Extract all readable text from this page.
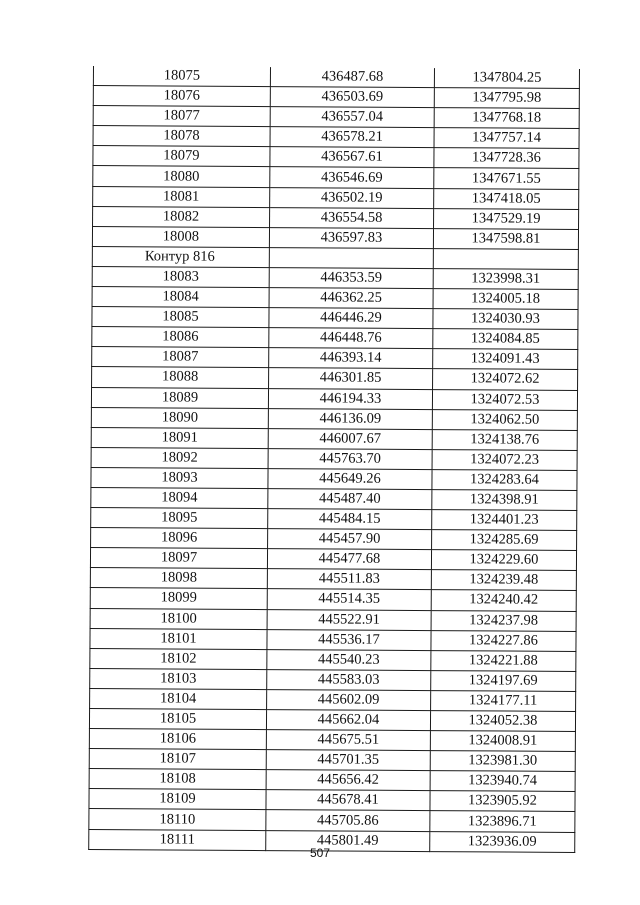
18075	436487.68	1347804.25
18076	436503.69	1347795.98
18077	436557.04	1347768.18
18078	436578.21	1347757.14
18079	436567.61	1347728.36
18080	436546.69	1347671.55
18081	436502.19	1347418.05
18082	436554.58	1347529.19
18008	436597.83	1347598.81
Контур 816		
18083	446353.59	1323998.31
18084	446362.25	1324005.18
18085	446446.29	1324030.93
18086	446448.76	1324084.85
18087	446393.14	1324091.43
18088	446301.85	1324072.62
18089	446194.33	1324072.53
18090	446136.09	1324062.50
18091	446007.67	1324138.76
18092	445763.70	1324072.23
18093	445649.26	1324283.64
18094	445487.40	1324398.91
18095	445484.15	1324401.23
18096	445457.90	1324285.69
18097	445477.68	1324229.60
18098	445511.83	1324239.48
18099	445514.35	1324240.42
18100	445522.91	1324237.98
18101	445536.17	1324227.86
18102	445540.23	1324221.88
18103	445583.03	1324197.69
18104	445602.09	1324177.11
18105	445662.04	1324052.38
18106	445675.51	1324008.91
18107	445701.35	1323981.30
18108	445656.42	1323940.74
18109	445678.41	1323905.92
18110	445705.86	1323896.71
18111	445801.49	1323936.09
507
